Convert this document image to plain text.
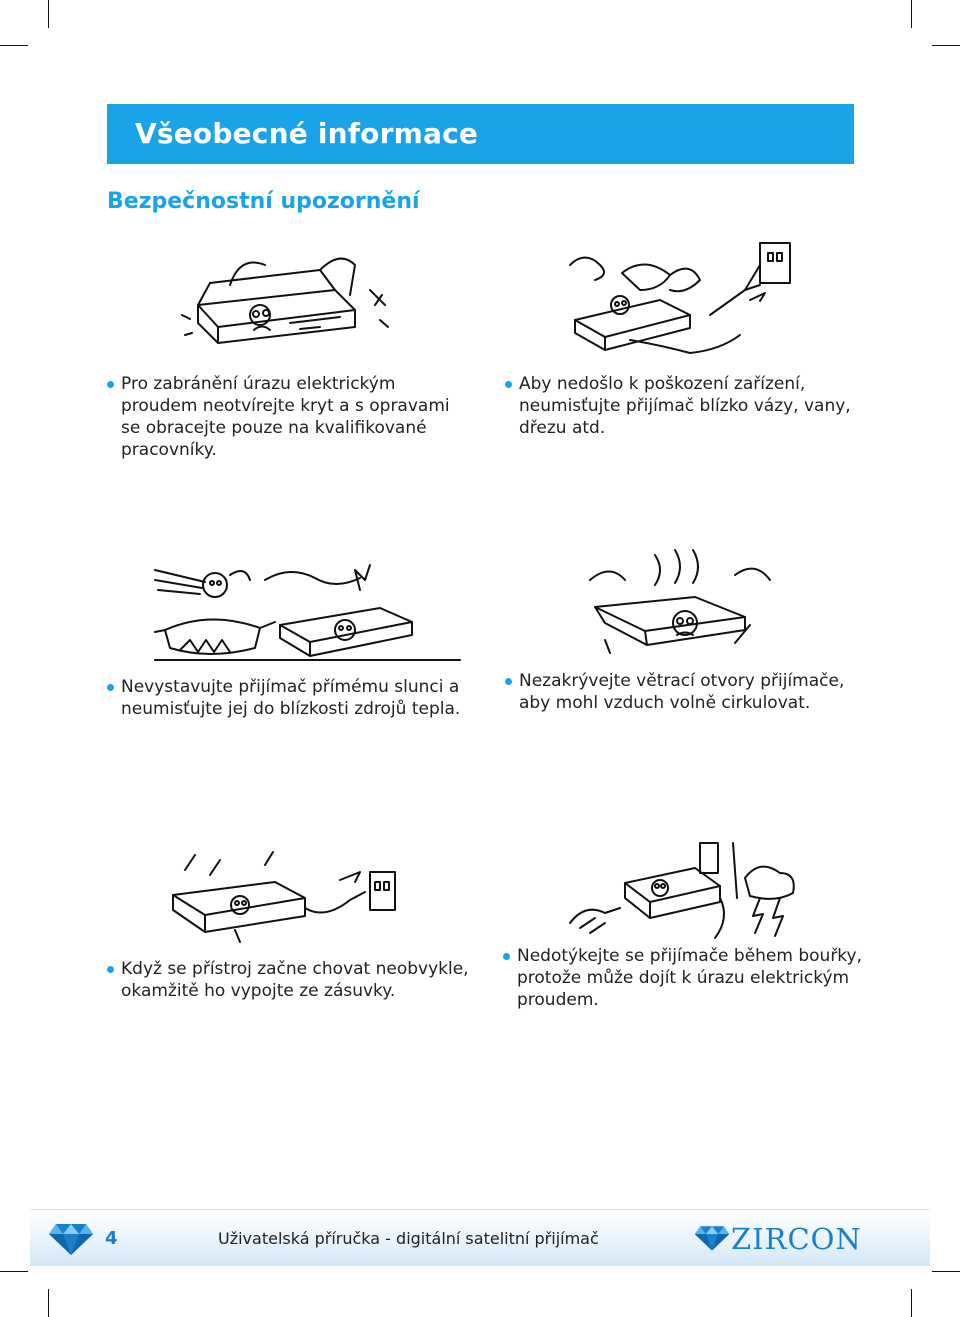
Všeobecné informace
Bezpečnostní upozornění
Pro zabránění úrazu elektrickým proudem neotvírejte kryt a s opravami se obracejte pouze na kvalifikované pracovníky.
Aby nedošlo k poškození zařízení, neumisťujte přijímač blízko vázy, vany, dřezu atd.
Nevystavujte přijímač přímému slunci a neumisťujte jej do blízkosti zdrojů tepla.
Nezakrývejte větrací otvory přijímače, aby mohl vzduch volně cirkulovat.
Když se přístroj začne chovat neobvykle, okamžitě ho vypojte ze zásuvky.
Nedotýkejte se přijímače během bouřky, protože může dojít k úrazu elektrickým proudem.
4	Uživatelská příručka - digitální satelitní přijímač	ZIRCON
